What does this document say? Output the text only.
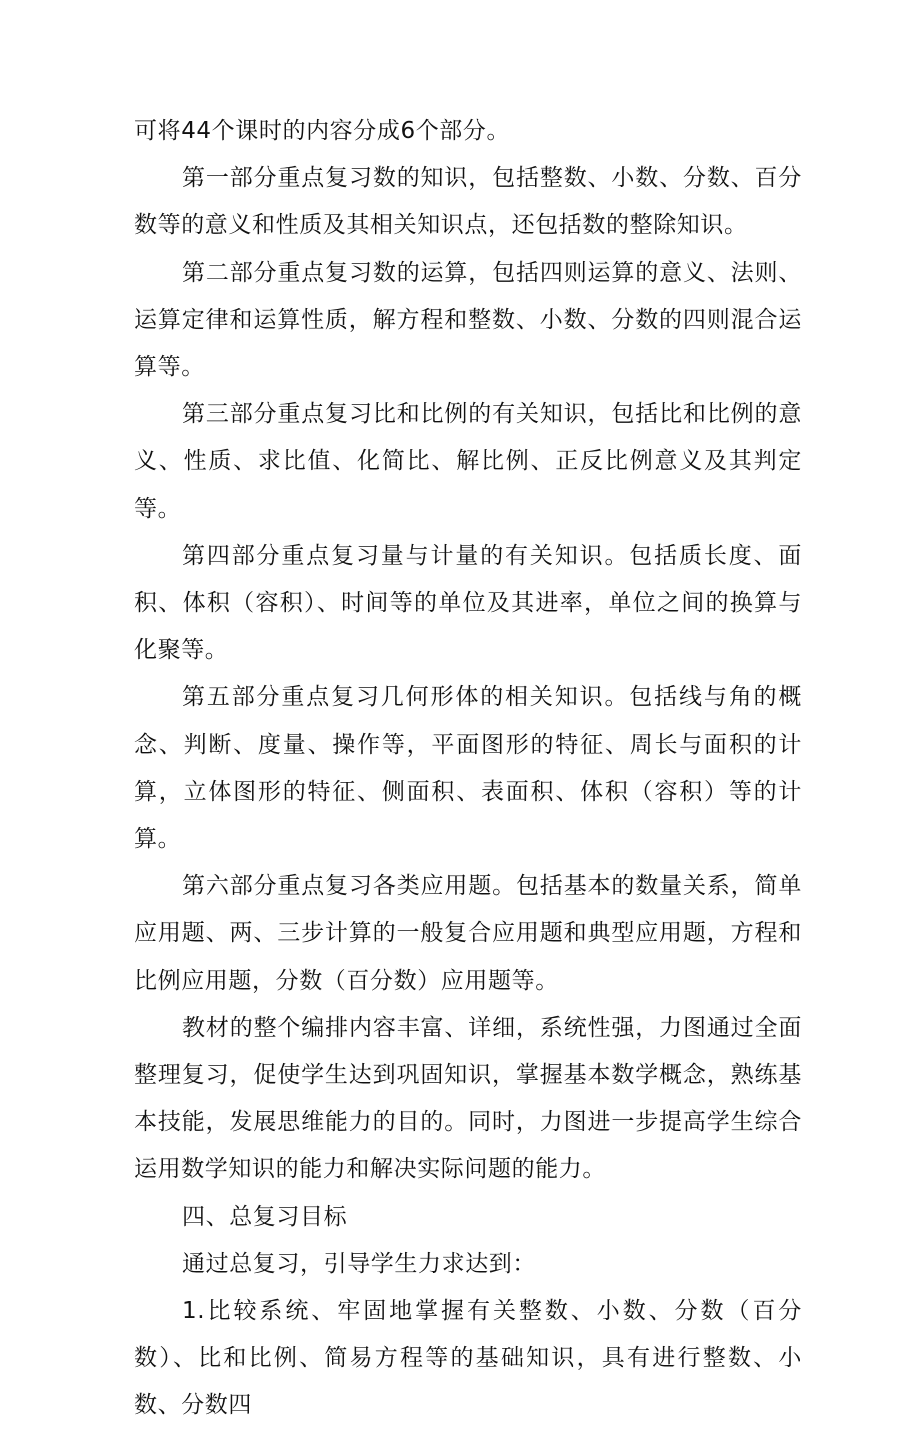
可将44个课时的内容分成6个部分。

第一部分重点复习数的知识，包括整数、小数、分数、百分数等的意义和性质及其相关知识点，还包括数的整除知识。

第二部分重点复习数的运算，包括四则运算的意义、法则、运算定律和运算性质，解方程和整数、小数、分数的四则混合运算等。

第三部分重点复习比和比例的有关知识，包括比和比例的意义、性质、求比值、化简比、解比例、正反比例意义及其判定等。

第四部分重点复习量与计量的有关知识。包括质长度、面积、体积（容积）、时间等的单位及其进率，单位之间的换算与化聚等。

第五部分重点复习几何形体的相关知识。包括线与角的概念、判断、度量、操作等，平面图形的特征、周长与面积的计算，立体图形的特征、侧面积、表面积、体积（容积）等的计算。

第六部分重点复习各类应用题。包括基本的数量关系，简单应用题、两、三步计算的一般复合应用题和典型应用题，方程和比例应用题，分数（百分数）应用题等。

教材的整个编排内容丰富、详细，系统性强，力图通过全面整理复习，促使学生达到巩固知识，掌握基本数学概念，熟练基本技能，发展思维能力的目的。同时，力图进一步提高学生综合运用数学知识的能力和解决实际问题的能力。

四、总复习目标

通过总复习，引导学生力求达到：

1.比较系统、牢固地掌握有关整数、小数、分数（百分数）、比和比例、简易方程等的基础知识，具有进行整数、小数、分数四
